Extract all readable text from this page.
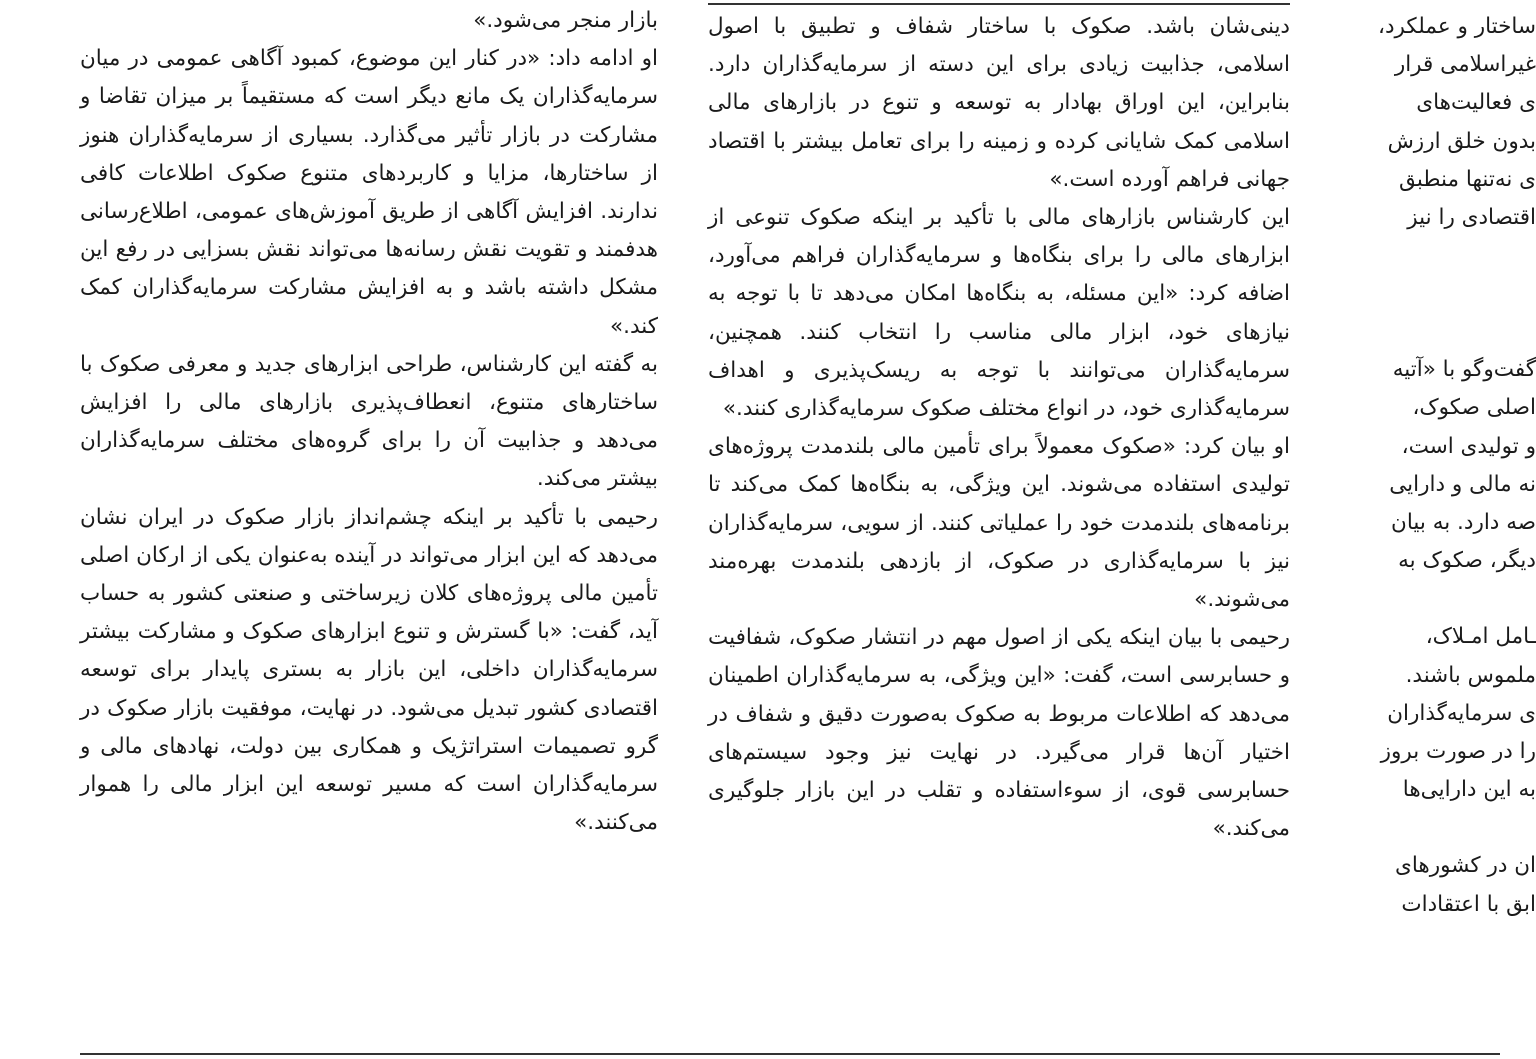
بازار منجر می‌شود.»

او ادامه داد: «در کنار این موضوع، کمبود آگاهی عمومی در میان سرمایه‌گذاران یک مانع دیگر است که مستقیماً بر میزان تقاضا و مشارکت در بازار تأثیر می‌گذارد. بسیاری از سرمایه‌گذاران هنوز از ساختارها، مزایا و کاربردهای متنوع صکوک اطلاعات کافی ندارند. افزایش آگاهی از طریق آموزش‌های عمومی، اطلاع‌رسانی هدفمند و تقویت نقش رسانه‌ها می‌تواند نقش بسزایی در رفع این مشکل داشته باشد و به افزایش مشارکت سرمایه‌گذاران کمک کند.»

به گفته این کارشناس، طراحی ابزارهای جدید و معرفی صکوک با ساختارهای متنوع، انعطاف‌پذیری بازارهای مالی را افزایش می‌دهد و جذابیت آن را برای گروه‌های مختلف سرمایه‌گذاران بیشتر می‌کند.

رحیمی با تأکید بر اینکه چشم‌انداز بازار صکوک در ایران نشان می‌دهد که این ابزار می‌تواند در آینده به‌عنوان یکی از ارکان اصلی تأمین مالی پروژه‌های کلان زیرساختی و صنعتی کشور به حساب آید، گفت: «با گسترش و تنوع ابزارهای صکوک و مشارکت بیشتر سرمایه‌گذاران داخلی، این بازار به بستری پایدار برای توسعه اقتصادی کشور تبدیل می‌شود. در نهایت، موفقیت بازار صکوک در گرو تصمیمات استراتژیک و همکاری بین دولت، نهادهای مالی و سرمایه‌گذاران است که مسیر توسعه این ابزار مالی را هموار می‌کنند.»

دینی‌شان باشد. صکوک با ساختار شفاف و تطبیق با اصول اسلامی، جذابیت زیادی برای این دسته از سرمایه‌گذاران دارد. بنابراین، این اوراق بهادار به توسعه و تنوع در بازارهای مالی اسلامی کمک شایانی کرده و زمینه را برای تعامل بیشتر با اقتصاد جهانی فراهم آورده است.»

این کارشناس بازارهای مالی با تأکید بر اینکه صکوک تنوعی از ابزارهای مالی را برای بنگاه‌ها و سرمایه‌گذاران فراهم می‌آورد، اضافه کرد: «این مسئله، به بنگاه‌ها امکان می‌دهد تا با توجه به نیازهای خود، ابزار مالی مناسب را انتخاب کنند. همچنین، سرمایه‌گذاران می‌توانند با توجه به ریسک‌پذیری و اهداف سرمایه‌گذاری خود، در انواع مختلف صکوک سرمایه‌گذاری کنند.»

او بیان کرد: «صکوک معمولاً برای تأمین مالی بلندمدت پروژه‌های تولیدی استفاده می‌شوند. این ویژگی، به بنگاه‌ها کمک می‌کند تا برنامه‌های بلندمدت خود را عملیاتی کنند. از سویی، سرمایه‌گذاران نیز با سرمایه‌گذاری در صکوک، از بازدهی بلندمدت بهره‌مند می‌شوند.»

رحیمی با بیان اینکه یکی از اصول مهم در انتشار صکوک، شفافیت و حسابرسی است، گفت: «این ویژگی، به سرمایه‌گذاران اطمینان می‌دهد که اطلاعات مربوط به صکوک به‌صورت دقیق و شفاف در اختیار آن‌ها قرار می‌گیرد. در نهایت نیز وجود سیستم‌های حسابرسی قوی، از سوءاستفاده و تقلب در این بازار جلوگیری می‌کند.»

ساختار و عملکرد،

غیراسلامی قرار

ی فعالیت‌های

بدون خلق ارزش

ی نه‌تنها منطبق

اقتصادی را نیز

گفت‌وگو با «آتیه

اصلی صکوک،

و تولیدی است،

نه مالی و دارایی

صه دارد. به بیان

دیگر، صکوک به

ـامل امـلاک،

ملموس باشند.

ی سرمایه‌گذاران

را در صورت بروز

به این دارایی‌ها

ان در کشورهای

ابق با اعتقادات
